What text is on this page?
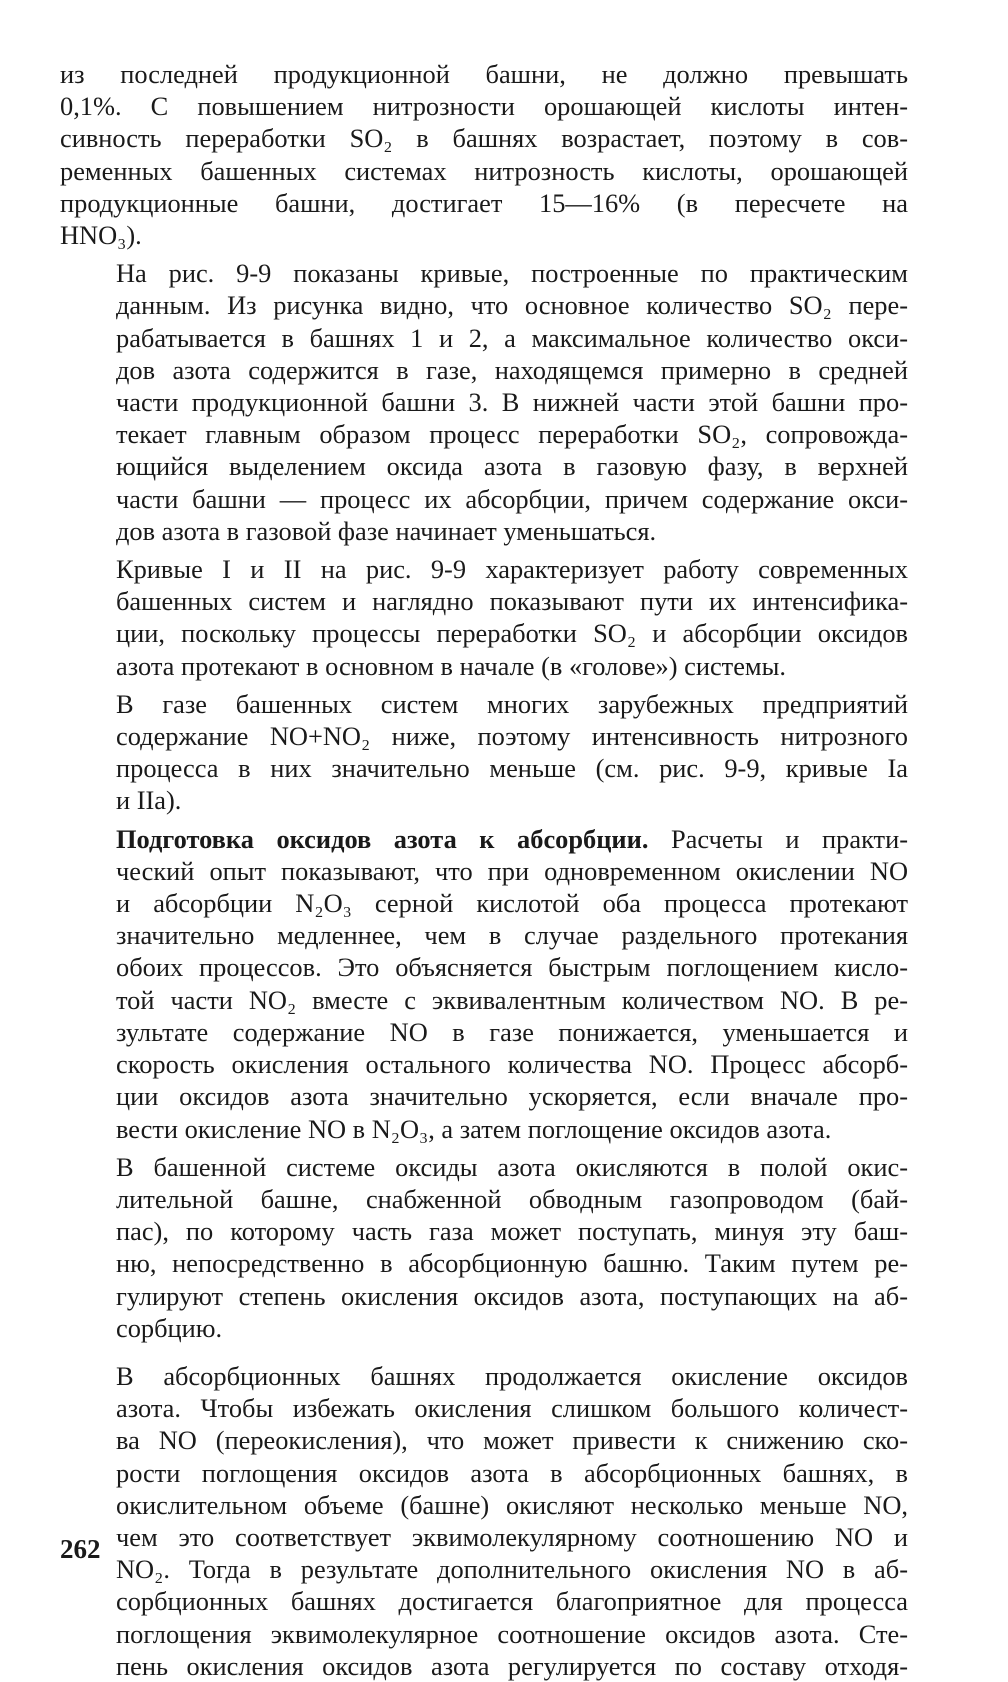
из последней продукционной башни, не должно превышать
0,1%. С повышением нитрозности орошающей кислоты интен-
сивность переработки SO₂ в башнях возрастает, поэтому в сов-
ременных башенных системах нитрозность кислоты, орошающей
продукционные башни, достигает 15—16% (в пересчете на
HNO₃).

На рис. 9-9 показаны кривые, построенные по практическим
данным. Из рисунка видно, что основное количество SO₂ пере-
рабатывается в башнях 1 и 2, а максимальное количество окси-
дов азота содержится в газе, находящемся примерно в средней
части продукционной башни 3. В нижней части этой башни про-
текает главным образом процесс переработки SO₂, сопровожда-
ющийся выделением оксида азота в газовую фазу, в верхней
части башни — процесс их абсорбции, причем содержание окси-
дов азота в газовой фазе начинает уменьшаться.

Кривые I и II на рис. 9-9 характеризует работу современных
башенных систем и наглядно показывают пути их интенсифика-
ции, поскольку процессы переработки SO₂ и абсорбции оксидов
азота протекают в основном в начале (в «голове») системы.

В газе башенных систем многих зарубежных предприятий
содержание NO+NO₂ ниже, поэтому интенсивность нитрозного
процесса в них значительно меньше (см. рис. 9-9, кривые Iа
и IIа).

Подготовка оксидов азота к абсорбции. Расчеты и практи-
ческий опыт показывают, что при одновременном окислении NO
и абсорбции N₂O₃ серной кислотой оба процесса протекают
значительно медленнее, чем в случае раздельного протекания
обоих процессов. Это объясняется быстрым поглощением кисло-
той части NO₂ вместе с эквивалентным количеством NO. В ре-
зультате содержание NO в газе понижается, уменьшается и
скорость окисления остального количества NO. Процесс абсорб-
ции оксидов азота значительно ускоряется, если вначале про-
вести окисление NO в N₂O₃, а затем поглощение оксидов азота.

В башенной системе оксиды азота окисляются в полой окис-
лительной башне, снабженной обводным газопроводом (бай-
пас), по которому часть газа может поступать, минуя эту баш-
ню, непосредственно в абсорбционную башню. Таким путем ре-
гулируют степень окисления оксидов азота, поступающих на аб-
сорбцию.

В абсорбционных башнях продолжается окисление оксидов
азота. Чтобы избежать окисления слишком большого количест-
ва NO (переокисления), что может привести к снижению ско-
рости поглощения оксидов азота в абсорбционных башнях, в
окислительном объеме (башне) окисляют несколько меньше NO,
чем это соответствует эквимолекулярному соотношению NO и
NO₂. Тогда в результате дополнительного окисления NO в аб-
сорбционных башнях достигается благоприятное для процесса
поглощения эквимолекулярное соотношение оксидов азота. Сте-
пень окисления оксидов азота регулируется по составу отходя-

262
